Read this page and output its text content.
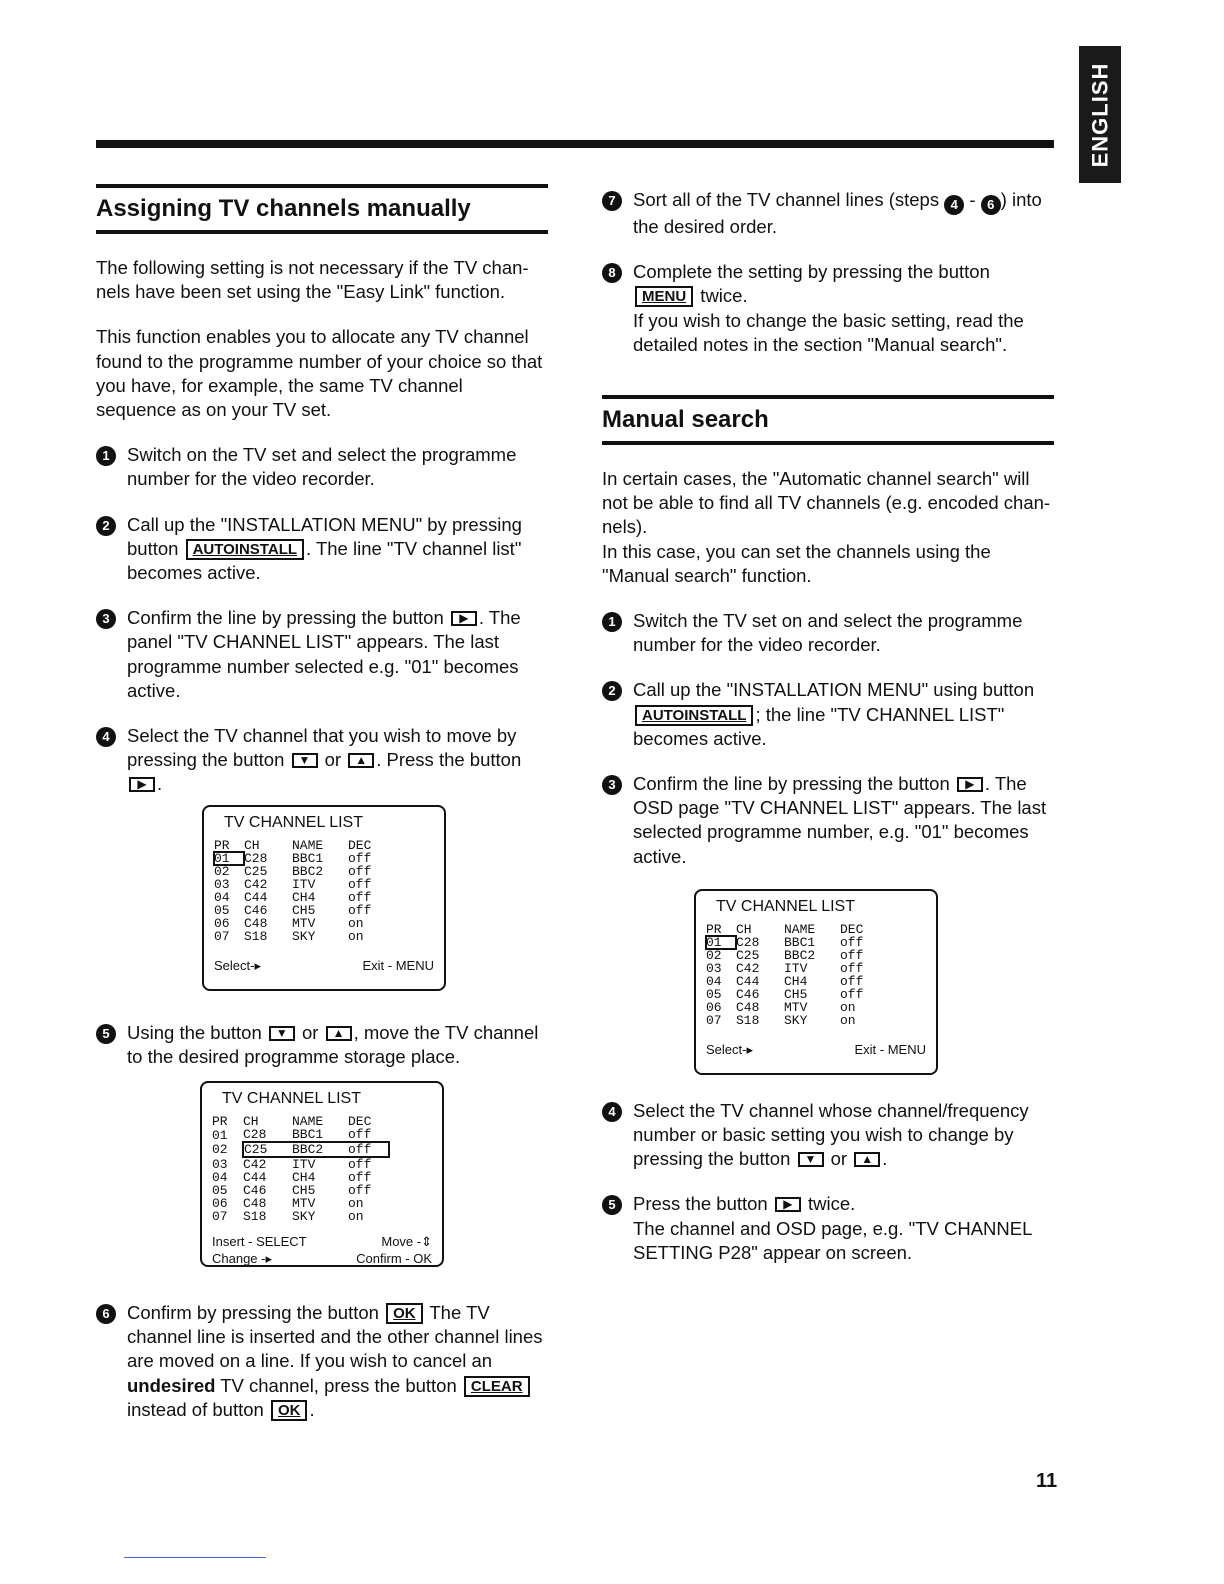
ENGLISH
Assigning TV channels manually

The following setting is not necessary if the TV chan-nels have been set using the "Easy Link" function.

This function enables you to allocate any TV channel found to the programme number of your choice so that you have, for example, the same TV channel sequence as on your TV set.

1 Switch on the TV set and select the programme number for the video recorder.
2 Call up the "INSTALLATION MENU" by pressing button AUTOINSTALL . The line "TV channel list" becomes active.
3 Confirm the line by pressing the button ▶ . The panel "TV CHANNEL LIST" appears. The last programme number selected e.g. "01" becomes active.
4 Select the TV channel that you wish to move by pressing the button ▼ or ▲ . Press the button
▶ .
TV CHANNEL LIST
PR	CH	NAME	DEC
01	C28	BBC1	off
02	C25	BBC2	off
03	C42	ITV	off
04	C44	CH4	off
05	C46	CH5	off
06	C48	MTV	on
07	S18	SKY	on
Select-▸	Exit - MENU
5 Using the button ▼ or ▲ , move the TV channel to the desired programme storage place.
TV CHANNEL LIST
PR	CH	NAME	DEC
01	C28	BBC1	off
02	C25	BBC2	off
03	C42	ITV	off
04	C44	CH4	off
05	C46	CH5	off
06	C48	MTV	on
07	S18	SKY	on
Insert - SELECT	Move -⇕
Change -▸	Confirm - OK
6 Confirm by pressing the button OK The TV channel line is inserted and the other channel lines are moved on a line. If you wish to cancel an undesired TV channel, press the button CLEAR instead of button OK .
7 Sort all of the TV channel lines (steps 4 - 6 ) into the desired order.
8 Complete the setting by pressing the button MENU twice.
If you wish to change the basic setting, read the detailed notes in the section "Manual search".
Manual search

In certain cases, the "Automatic channel search" will not be able to find all TV channels (e.g. encoded chan-nels).

In this case, you can set the channels using the "Manual search" function.

1 Switch the TV set on and select the programme number for the video recorder.
2 Call up the "INSTALLATION MENU" using button AUTOINSTALL ; the line "TV CHANNEL LIST" becomes active.
3 Confirm the line by pressing the button ▶ . The OSD page "TV CHANNEL LIST" appears. The last selected programme number, e.g. "01" becomes active.
TV CHANNEL LIST
PR	CH	NAME	DEC
01	C28	BBC1	off
02	C25	BBC2	off
03	C42	ITV	off
04	C44	CH4	off
05	C46	CH5	off
06	C48	MTV	on
07	S18	SKY	on
Select-▸	Exit - MENU
4 Select the TV channel whose channel/frequency number or basic setting you wish to change by pressing the button ▼ or ▲ .
5 Press the button ▶ twice.
The channel and OSD page, e.g. "TV CHANNEL SETTING P28" appear on screen.
11
